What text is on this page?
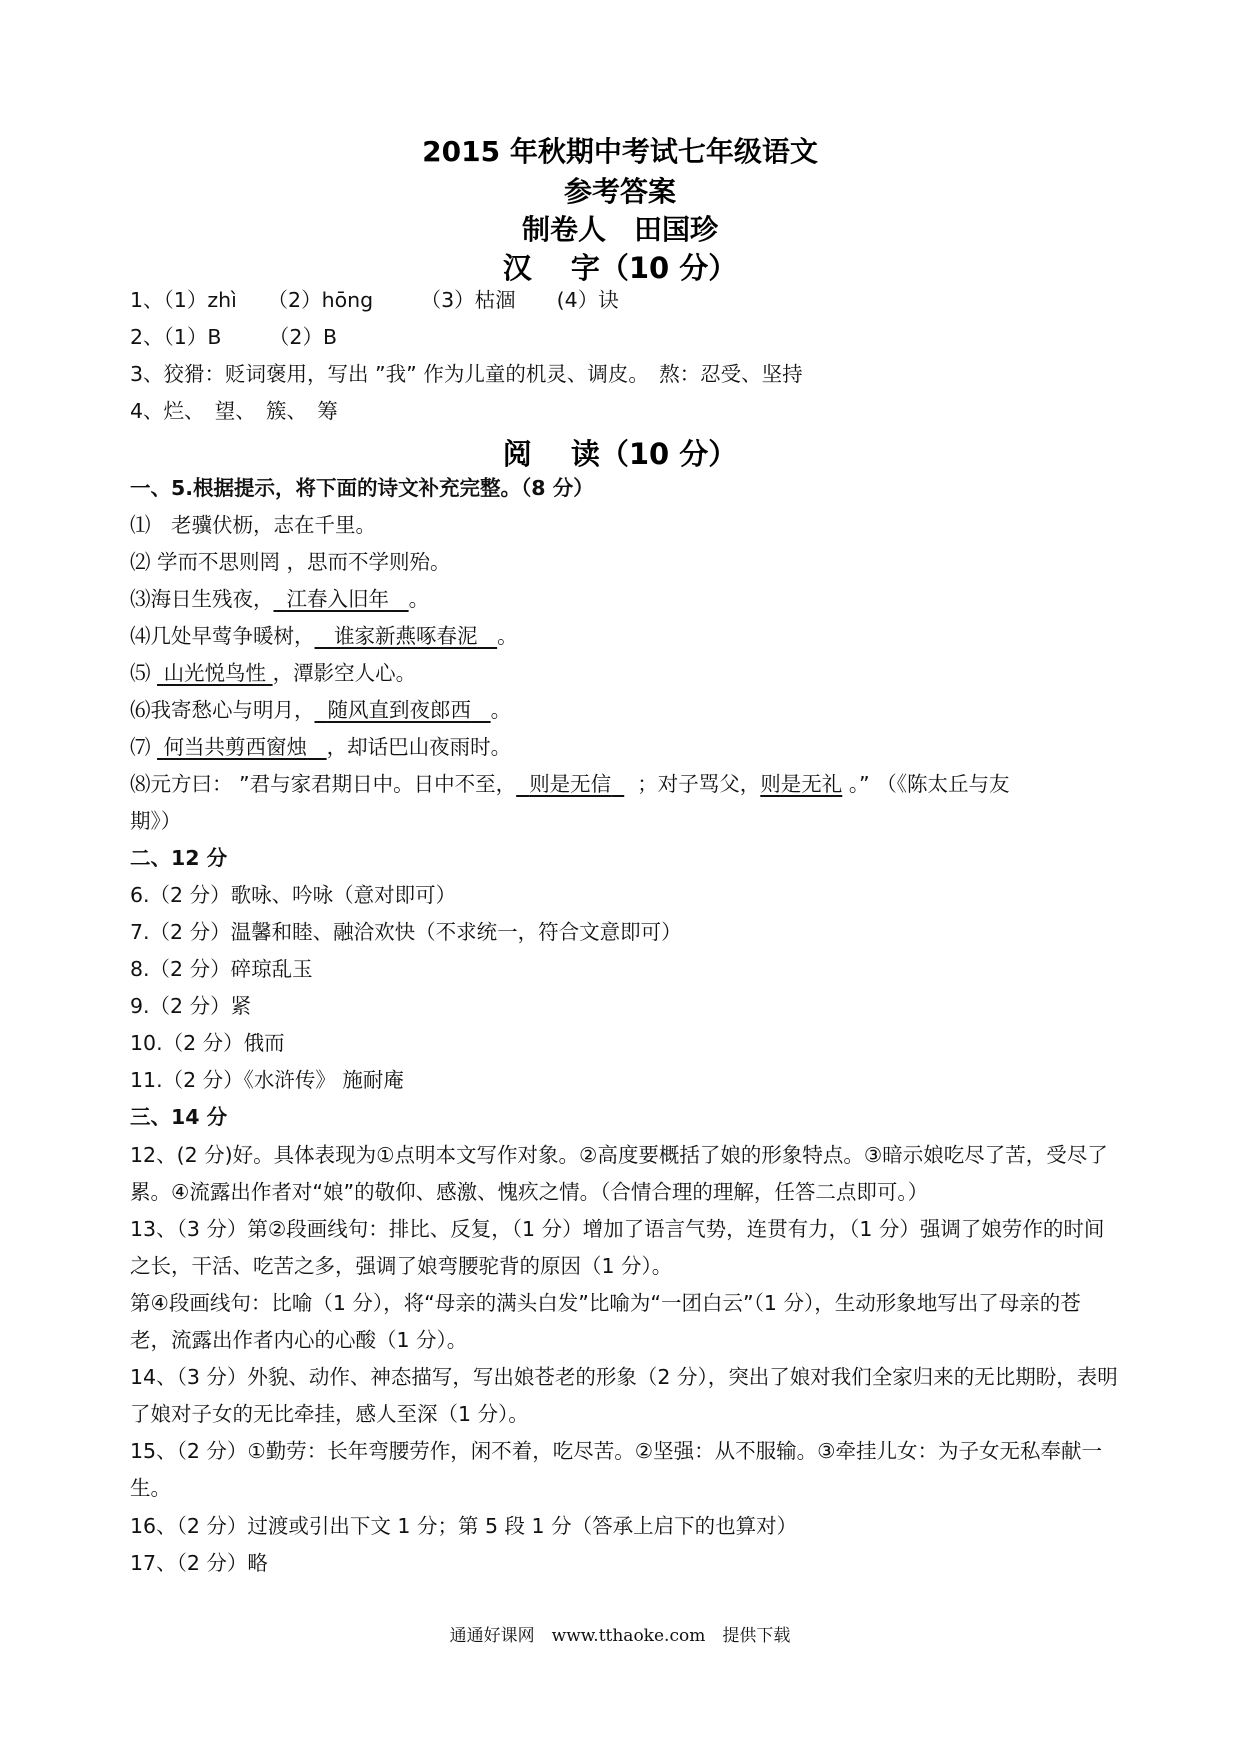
2015 年秋期中考试七年级语文
参考答案
制卷人　田国珍
汉　 字（10 分）
1、（1）zhì　　（2）hōng　　 （3）枯涸　　(4）诀
2、（1）B　　 （2）B
3、狡猾：贬词褒用，写出 ”我” 作为儿童的机灵、调皮。　熬：忍受、坚持
4、烂、　望、　簇、　筹
阅　 读（10 分）
一、5.根据提示，将下面的诗文补充完整。（8 分）
⑴　老骥伏枥，志在千里。
⑵ 学而不思则罔 ，思而不学则殆。
⑶海日生残夜， 江春入旧年 。
⑷几处早莺争暖树， 谁家新燕啄春泥 。
⑸  山光悦鸟性 ，潭影空人心。
⑹我寄愁心与明月， 随风直到夜郎西 。
⑺  何当共剪西窗烛 ，却话巴山夜雨时。
⑻元方曰： ”君与家君期日中。日中不至， 则是无信 ；对子骂父，则是无礼 。” （《陈太丘与友
期》）
二、12 分
6.（2 分）歌咏、吟咏（意对即可）
7.（2 分）温馨和睦、融洽欢快（不求统一，符合文意即可）
8.（2 分）碎琼乱玉
9.（2 分）紧
10.（2 分）俄而
11.（2 分）《水浒传》 施耐庵
三、14 分
12、(2 分)好。具体表现为①点明本文写作对象。②高度要概括了娘的形象特点。③暗示娘吃尽了苦，受尽了累。④流露出作者对“娘”的敬仰、感激、愧疚之情。（合情合理的理解，任答二点即可。）
13、（3 分）第②段画线句：排比、反复，（1 分）增加了语言气势，连贯有力，（1 分）强调了娘劳作的时间之长，干活、吃苦之多，强调了娘弯腰驼背的原因（1 分）。
第④段画线句：比喻（1 分），将“母亲的满头白发”比喻为“一团白云”（1 分），生动形象地写出了母亲的苍老，流露出作者内心的心酸（1 分）。
14、（3 分）外貌、动作、神态描写，写出娘苍老的形象（2 分），突出了娘对我们全家归来的无比期盼，表明了娘对子女的无比牵挂，感人至深（1 分）。
15、（2 分）①勤劳：长年弯腰劳作，闲不着，吃尽苦。②坚强：从不服输。③牵挂儿女：为子女无私奉献一生。
16、（2 分）过渡或引出下文 1 分；第 5 段 1 分（答承上启下的也算对）
17、（2 分）略
通通好课网　www.tthaoke.com　提供下载
